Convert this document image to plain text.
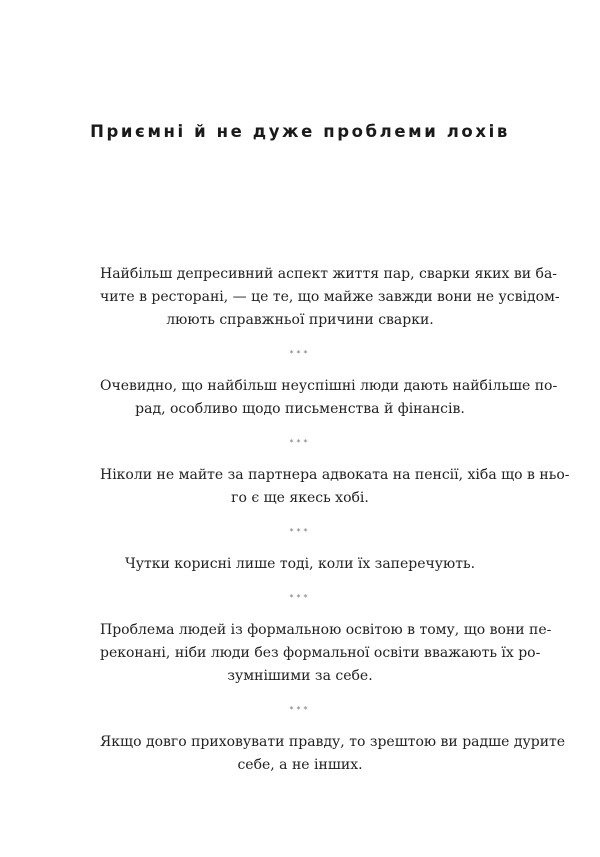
Приємні й не дуже проблеми лохів

Найбільш депресивний аспект життя пар, сварки яких ви ба-
чите в ресторані, — це те, що майже завжди вони не усвідом-
люють справжньої причини сварки.

***

Очевидно, що найбільш неуспішні люди дають найбільше по-
рад, особливо щодо письменства й фінансів.

***

Ніколи не майте за партнера адвоката на пенсії, хіба що в ньо-
го є ще якесь хобі.

***

Чутки корисні лише тоді, коли їх заперечують.

***

Проблема людей із формальною освітою в тому, що вони пе-
реконані, ніби люди без формальної освіти вважають їх ро-
зумнішими за себе.

***

Якщо довго приховувати правду, то зрештою ви радше дурите
себе, а не інших.
